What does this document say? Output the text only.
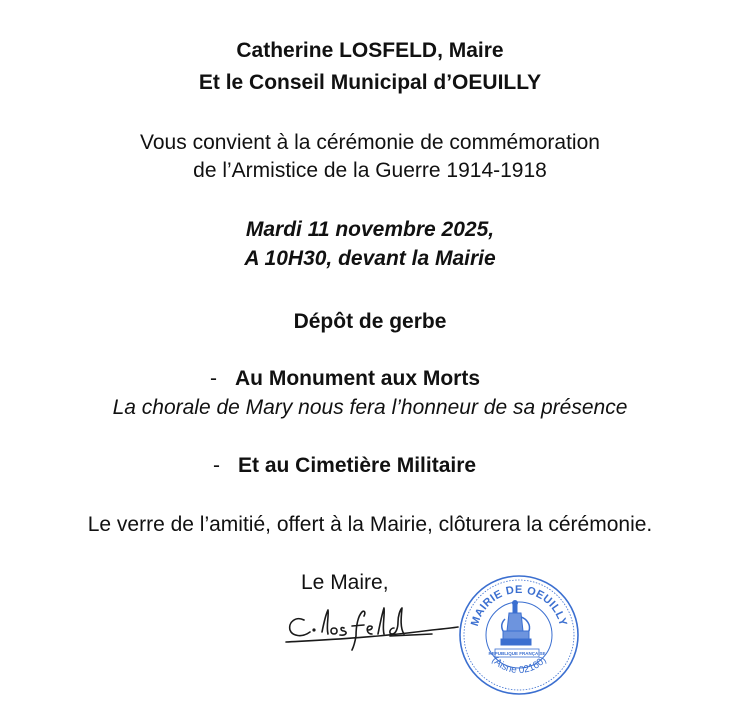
Catherine LOSFELD, Maire
Et le Conseil Municipal d’OEUILLY
Vous convient à la cérémonie de commémoration
de l’Armistice de la Guerre 1914-1918
Mardi 11 novembre 2025,
A 10H30, devant la Mairie
Dépôt de gerbe
- Au Monument aux Morts
La chorale de Mary nous fera l’honneur de sa présence
- Et au Cimetière Militaire
Le verre de l’amitié, offert à la Mairie, clôturera la cérémonie.
Le Maire,
MAIRIE DE OEUILLY
REPUBLIQUE FRANÇAISE
(Aisne 02160)
